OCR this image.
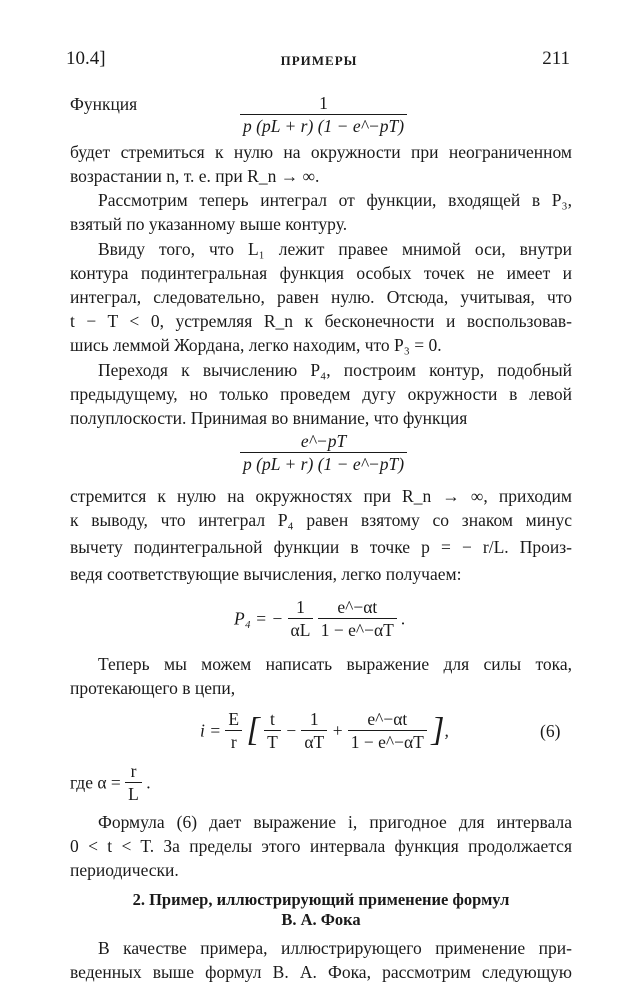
10.4]	ПРИМЕРЫ	211
Функция	$\frac{1}{p (pL + r) (1 - e\^{}-pT)}$
будет стремиться к нулю на окружности при неограниченном
возрастании n, т. е. при R_n → ∞.
Рассмотрим теперь интеграл от функции, входящей в P₃,
взятый по указанному выше контуру.
Ввиду того, что L₁ лежит правее мнимой оси, внутри
контура подинтегральная функция особых точек не имеет и
интеграл, следовательно, равен нулю. Отсюда, учитывая, что
t − T < 0, устремляя R_n к бесконечности и воспользовав-
шись леммой Жордана, легко находим, что P₃ = 0.
Переходя к вычислению P₄, построим контур, подобный
предыдущему, но только проведем дугу окружности в левой
полуплоскости. Принимая во внимание, что функция
$\frac{e\^{}-pT}{p (pL + r) (1 - e\^{}-pT)}$
стремится к нулю на окружностях при R_n → ∞, приходим
к выводу, что интеграл P₄ равен взятому со знаком минус
вычету подинтегральной функции в точке p = − r/L. Произ-
ведя соответствующие вычисления, легко получаем:
P₄ = − $\frac{1}{\alpha L}$
$\frac{e\^{}-\alpha t}{1 - e\^{}-\alpha T}$ .
Теперь мы можем написать выражение для силы тока,
протекающего в цепи,
$i = \frac{E}{r}$ [ $\frac{t}{T} - \frac{1}{\alpha T} + \frac{e\^{}-\alpha t}{1 - e\^{}-\alpha T}$ ],	(6)
где $\alpha = \frac{r}{L}$ .
Формула (6) дает выражение i, пригодное для интервала
0 < t < T. За пределы этого интервала функция продолжается
периодически.
2. Пример, иллюстрирующий применение формул
В. А. Фока
В качестве примера, иллюстрирующего применение при-
веденных выше формул В. А. Фока, рассмотрим следующую
